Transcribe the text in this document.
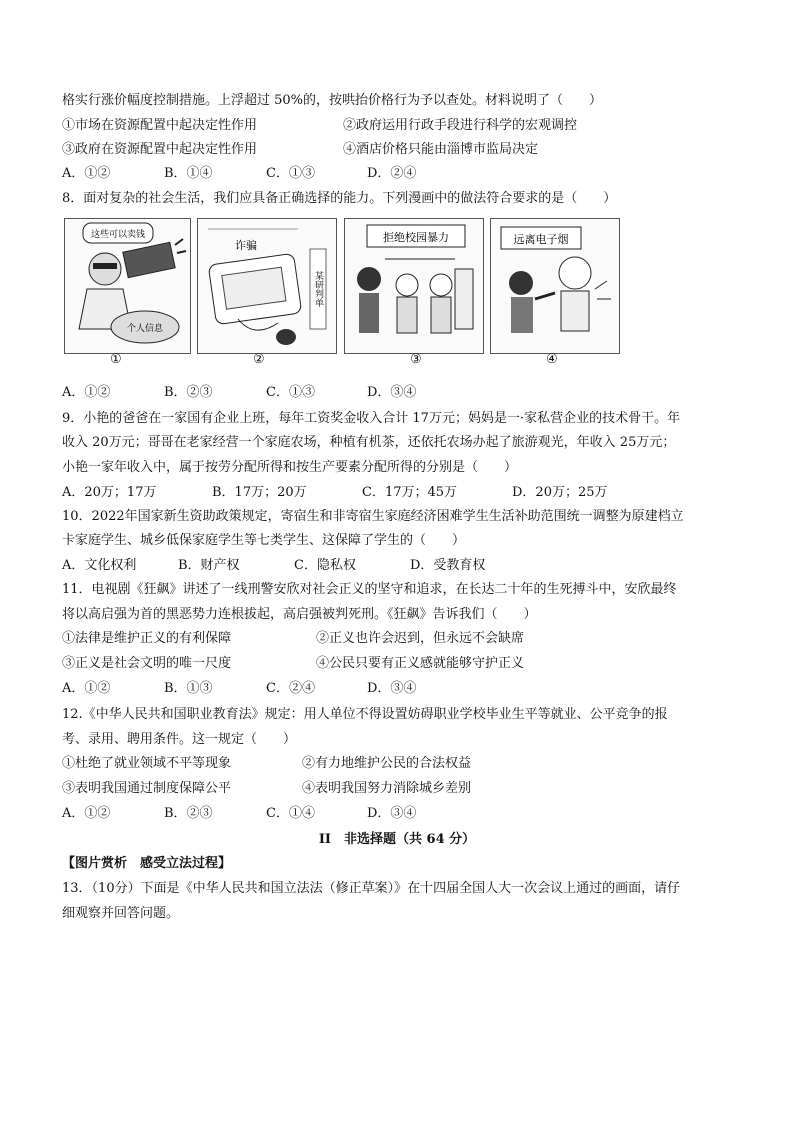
格实行涨价幅度控制措施。上浮超过 50%的，按哄抬价格行为予以查处。材料说明了（　　）
①市场在资源配置中起决定性作用	②政府运用行政手段进行科学的宏观调控
③政府在资源配置中起决定性作用	④酒店价格只能由淄博市监局决定
A．①②	B．①④	C．①③	D．②④
8．面对复杂的社会生活，我们应具备正确选择的能力。下列漫画中的做法符合要求的是（　　）
这些可以卖钱
个人信息
①
诈骗
某研判单
②
拒绝校园暴力
③
远离电子烟
④
A．①②	B．②③	C．①③	D．③④
9．小艳的爸爸在一家国有企业上班，每年工资奖金收入合计 17万元；妈妈是一·家私营企业的技术骨干。年
收入 20万元；哥哥在老家经营一个家庭农场，种植有机茶，还依托农场办起了旅游观光，年收入 25万元；
小艳一家年收入中，属于按劳分配所得和按生产要素分配所得的分别是（　　）
A．20万；17万	B．17万；20万	C．17万；45万	D．20万；25万
10．2022年国家新生资助政策规定，寄宿生和非寄宿生家庭经济困难学生生活补助范围统一调整为原建档立
卡家庭学生、城乡低保家庭学生等七类学生、这保障了学生的（　　）
A．文化权利	B．财产权	C．隐私权	D．受教育权
11．电视剧《狂飙》讲述了一线刑警安欣对社会正义的坚守和追求，在长达二十年的生死搏斗中，安欣最终
将以高启强为首的黑恶势力连根拔起，高启强被判死刑。《狂飙》告诉我们（　　）
①法律是维护正义的有利保障	②正义也许会迟到，但永远不会缺席
③正义是社会文明的唯一尺度	④公民只要有正义感就能够守护正义
A．①②	B．①③	C．②④	D．③④
12.《中华人民共和国职业教育法》规定：用人单位不得设置妨碍职业学校毕业生平等就业、公平竞争的报
考、录用、聘用条件。这一规定（　　）
①杜绝了就业领域不平等现象	②有力地维护公民的合法权益
③表明我国通过制度保障公平	④表明我国努力消除城乡差别
A．①②	B．②③	C．①④	D．③④
II　非选择题（共 64 分）
【图片赏析　感受立法过程】
13．（10分）下面是《中华人民共和国立法法（修正草案）》在十四届全国人大一次会议上通过的画面，请仔
细观察并回答问题。
